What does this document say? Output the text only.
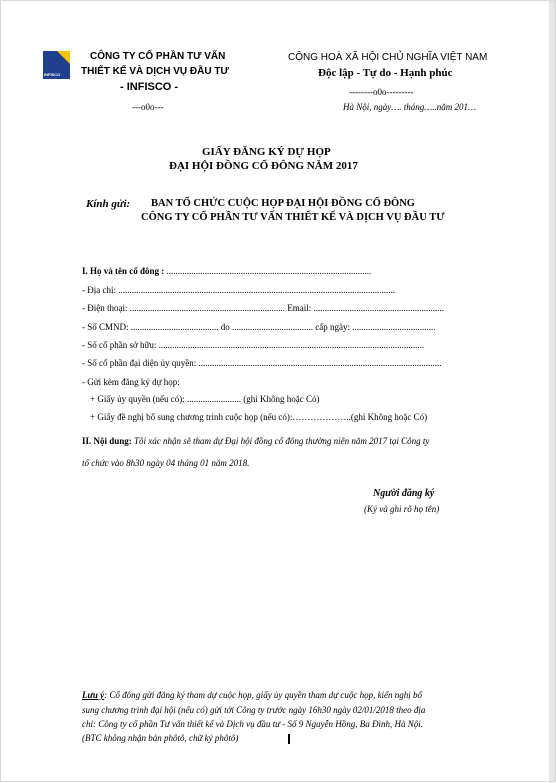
INFISCO
CÔNG TY CỔ PHẦN TƯ VẤN
THIẾT KẾ VÀ DỊCH VỤ ĐẦU TƯ
- INFISCO -
---o0o---
CỘNG HOÀ XÃ HỘI CHỦ NGHĨA VIỆT NAM
Độc lập - Tự do - Hạnh phúc
--------o0o---------
Hà Nội, ngày…. tháng…..năm 201…
GIẤY ĐĂNG KÝ DỰ HỌP
ĐẠI HỘI ĐỒNG CỔ ĐÔNG NĂM 2017
Kính gửi: BAN TỔ CHỨC CUỘC HỌP ĐẠI HỘI ĐỒNG CỔ ĐÔNG
CÔNG TY CỔ PHẦN TƯ VẤN THIẾT KẾ VÀ DỊCH VỤ ĐẦU TƯ
I. Họ và tên cổ đông : ...........................................................................................
- Địa chỉ: ...........................................................................................................................
- Điện thoại: ..................................................................... Email: ..........................................................
- Số CMND: ....................................... do .................................... cấp ngày: .....................................
- Số cổ phần sở hữu: ......................................................................................................................
- Số cổ phần đại diện ủy quyền: ............................................................................................................
- Gửi kèm đăng ký dự họp:
+ Giấy ủy quyền (nếu có): ........................ (ghi Không hoặc Có)
+ Giấy đề nghị bổ sung chương trình cuộc họp (nếu có):………………..(ghi Không hoặc Có)
II. Nội dung: Tôi xác nhận sẽ tham dự Đại hội đồng cổ đông thường niên năm 2017 tại Công ty
tổ chức vào 8h30 ngày 04 tháng 01 năm 2018.
Người đăng ký
(Ký và ghi rõ họ tên)
Lưu ý: Cổ đông gửi đăng ký tham dự cuộc họp, giấy ủy quyền tham dự cuộc họp, kiến nghị bổ
sung chương trình đại hội (nếu có) gửi tới Công ty trước ngày 16h30 ngày 02/01/2018 theo địa
chỉ: Công ty cổ phần Tư vấn thiết kế và Dịch vụ đầu tư - Số 9 Nguyễn Hồng, Ba Đình, Hà Nội.
(BTC không nhận bản phôtô, chữ ký phôtô)
